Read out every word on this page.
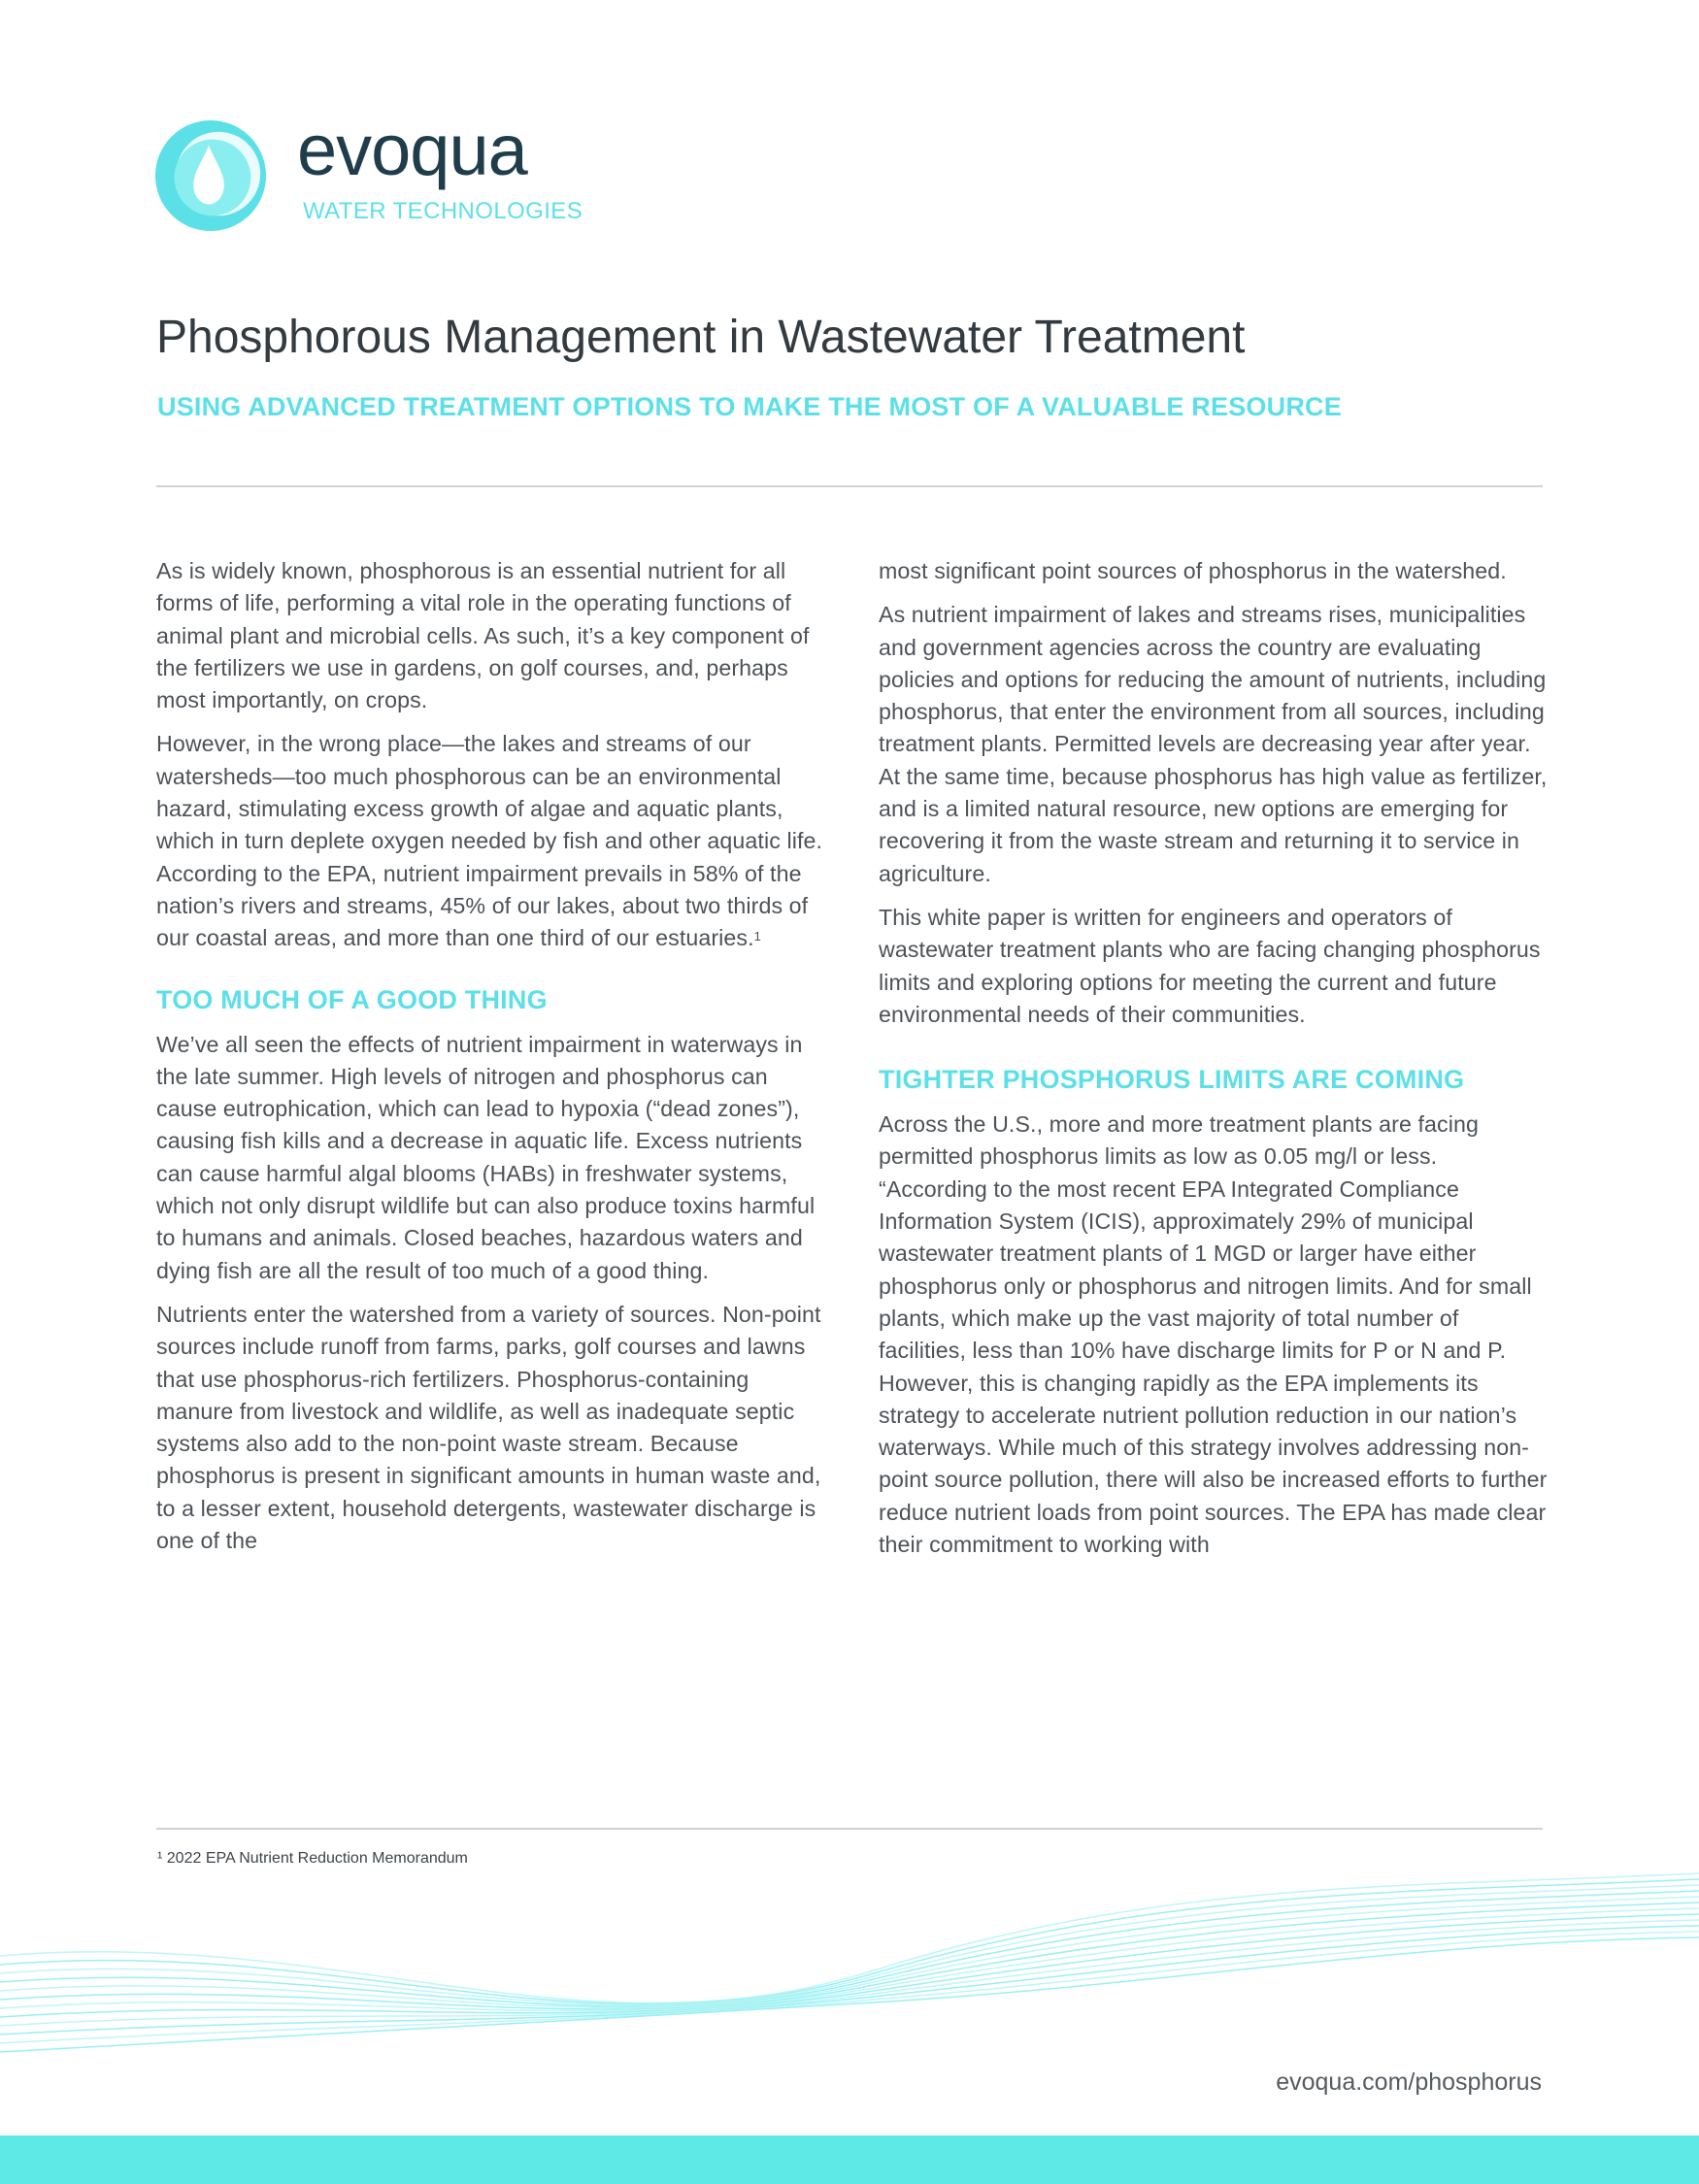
evoqua
WATER TECHNOLOGIES
Phosphorous Management in Wastewater Treatment
USING ADVANCED TREATMENT OPTIONS TO MAKE THE MOST OF A VALUABLE RESOURCE

As is widely known, phosphorous is an essential nutrient for all forms of life, performing a vital role in the operating functions of animal plant and microbial cells. As such, it’s a key component of the fertilizers we use in gardens, on golf courses, and, perhaps most importantly, on crops.

However, in the wrong place—the lakes and streams of our watersheds—too much phosphorous can be an environmental hazard, stimulating excess growth of algae and aquatic plants, which in turn deplete oxygen needed by fish and other aquatic life. According to the EPA, nutrient impairment prevails in 58% of the nation’s rivers and streams, 45% of our lakes, about two thirds of our coastal areas, and more than one third of our estuaries.$^1$

TOO MUCH OF A GOOD THING

We’ve all seen the effects of nutrient impairment in waterways in the late summer. High levels of nitrogen and phosphorus can cause eutrophication, which can lead to hypoxia (“dead zones”), causing fish kills and a decrease in aquatic life. Excess nutrients can cause harmful algal blooms (HABs) in freshwater systems, which not only disrupt wildlife but can also produce toxins harmful to humans and animals. Closed beaches, hazardous waters and dying fish are all the result of too much of a good thing.

Nutrients enter the watershed from a variety of sources. Non-point sources include runoff from farms, parks, golf courses and lawns that use phosphorus-rich fertilizers. Phosphorus-containing manure from livestock and wildlife, as well as inadequate septic systems also add to the non-point waste stream. Because phosphorus is present in significant amounts in human waste and, to a lesser extent, household detergents, wastewater discharge is one of the

most significant point sources of phosphorus in the watershed.

As nutrient impairment of lakes and streams rises, municipalities and government agencies across the country are evaluating policies and options for reducing the amount of nutrients, including phosphorus, that enter the environment from all sources, including treatment plants. Permitted levels are decreasing year after year. At the same time, because phosphorus has high value as fertilizer, and is a limited natural resource, new options are emerging for recovering it from the waste stream and returning it to service in agriculture.

This white paper is written for engineers and operators of wastewater treatment plants who are facing changing phosphorus limits and exploring options for meeting the current and future environmental needs of their communities.

TIGHTER PHOSPHORUS LIMITS ARE COMING

Across the U.S., more and more treatment plants are facing permitted phosphorus limits as low as 0.05 mg/l or less. “According to the most recent EPA Integrated Compliance Information System (ICIS), approximately 29% of municipal wastewater treatment plants of 1 MGD or larger have either phosphorus only or phosphorus and nitrogen limits. And for small plants, which make up the vast majority of total number of facilities, less than 10% have discharge limits for P or N and P. However, this is changing rapidly as the EPA implements its strategy to accelerate nutrient pollution reduction in our nation’s waterways. While much of this strategy involves addressing non-point source pollution, there will also be increased efforts to further reduce nutrient loads from point sources. The EPA has made clear their commitment to working with

¹ 2022 EPA Nutrient Reduction Memorandum
evoqua.com/phosphorus
